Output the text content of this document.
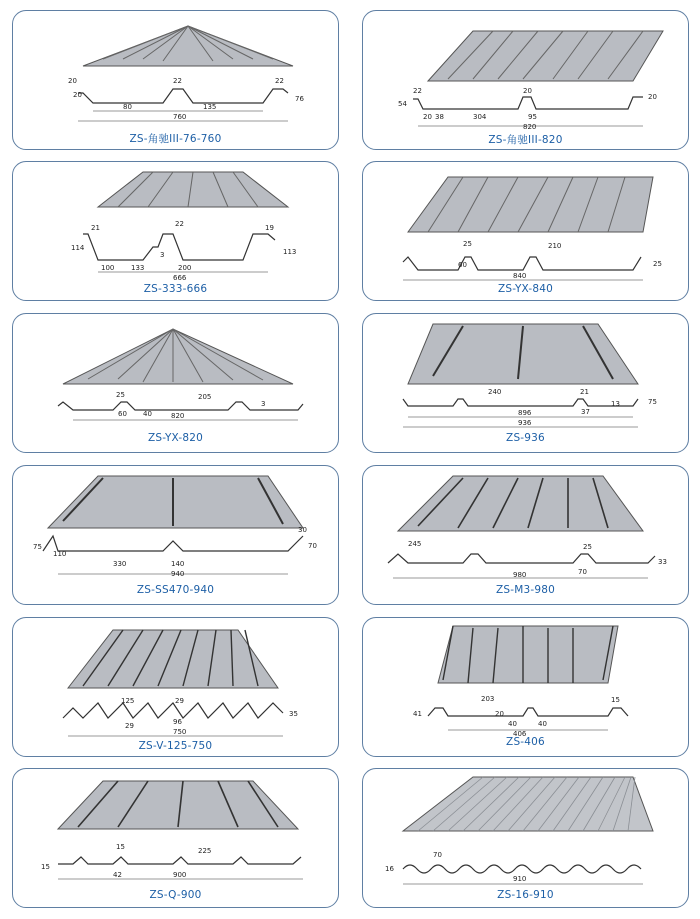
20
20
22	22
76
80	135
760
ZS-角驰III-76-760
22	20
54
20
20 38	304	95
820
ZS-角驰III-820
21	22	19
114
3	113
100 133	200
666
ZS-333-666
25	210
60
840
25
ZS-YX-840
25	205
60 40	820
3
ZS-YX-820
240	21
13
37
896
936
75
ZS-936
30
75
110
70
330	140
940
ZS-SS470-940
245	25
70
980
33
ZS-M3-980
125	29
29	96
35
750
ZS-V-125-750
203	15
41	20
40	40
406
ZS-406
15	225
15
42	900
ZS-Q-900
70
16
910
ZS-16-910
